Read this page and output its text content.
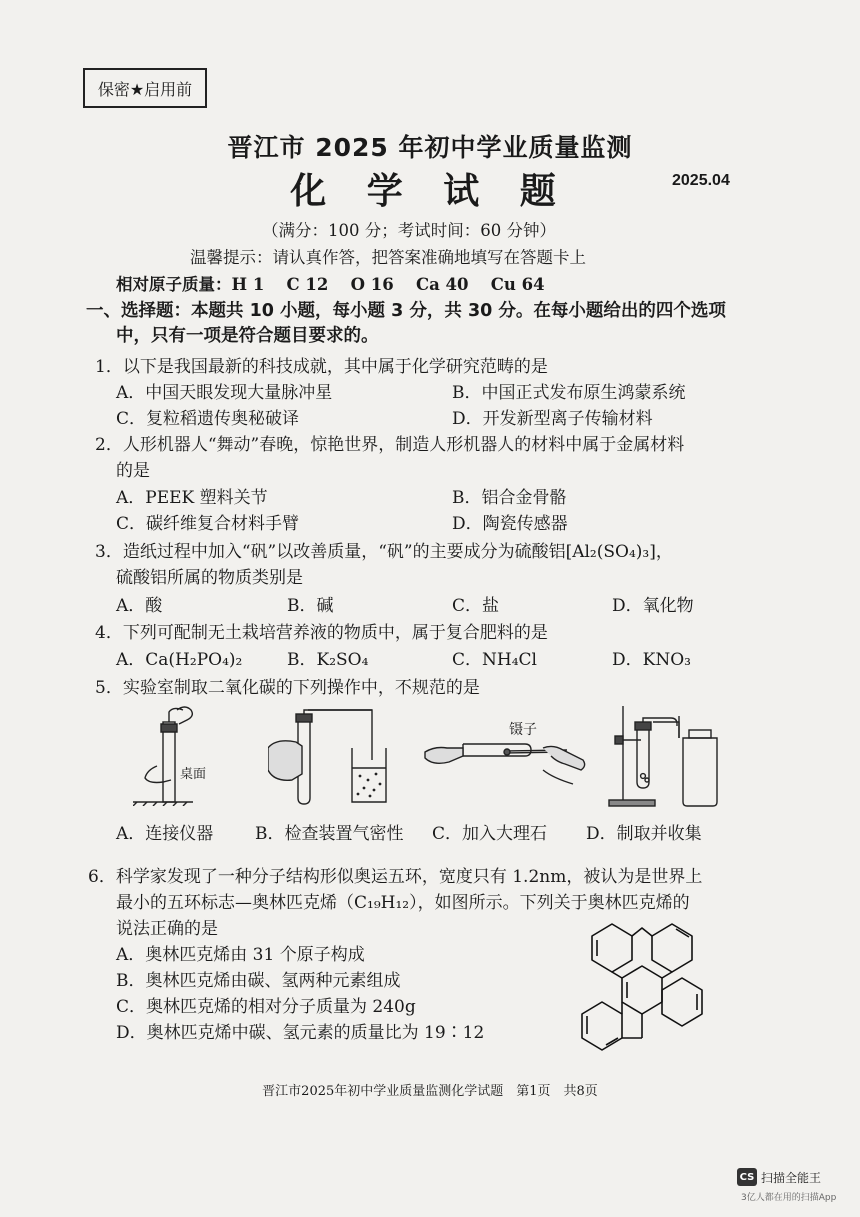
保密★启用前
晋江市 2025 年初中学业质量监测
化 学 试 题	2025.04
（满分：100 分；考试时间：60 分钟）
温馨提示：请认真作答，把答案准确地填写在答题卡上
相对原子质量：H 1　 C 12　 O 16　 Ca 40　 Cu 64
一、选择题：本题共 10 小题，每小题 3 分，共 30 分。在每小题给出的四个选项
中，只有一项是符合题目要求的。
1．以下是我国最新的科技成就，其中属于化学研究范畴的是
A．中国天眼发现大量脉冲星	B．中国正式发布原生鸿蒙系统
C．复粒稻遗传奥秘破译	D．开发新型离子传输材料
2．人形机器人“舞动”春晚，惊艳世界，制造人形机器人的材料中属于金属材料
的是
A．PEEK 塑料关节	B．铝合金骨骼
C．碳纤维复合材料手臂	D．陶瓷传感器
3．造纸过程中加入“矾”以改善质量，“矾”的主要成分为硫酸铝[Al₂(SO₄)₃]，
硫酸铝所属的物质类别是
A．酸	B．碱	C．盐	D．氧化物
4．下列可配制无土栽培营养液的物质中，属于复合肥料的是
A．Ca(H₂PO₄)₂	B．K₂SO₄	C．NH₄Cl	D．KNO₃
5．实验室制取二氧化碳的下列操作中，不规范的是
桌面
镊子
A．连接仪器 B．检查装置气密性 C．加入大理石 D．制取并收集
6．科学家发现了一种分子结构形似奥运五环，宽度只有 1.2nm，被认为是世界上
最小的五环标志—奥林匹克烯（C₁₉H₁₂），如图所示。下列关于奥林匹克烯的
说法正确的是
A．奥林匹克烯由 31 个原子构成
B．奥林匹克烯由碳、氢两种元素组成
C．奥林匹克烯的相对分子质量为 240g
D．奥林匹克烯中碳、氢元素的质量比为 19∶12
晋江市2025年初中学业质量监测化学试题　第1页　共8页
CS 扫描全能王
3亿人都在用的扫描App
